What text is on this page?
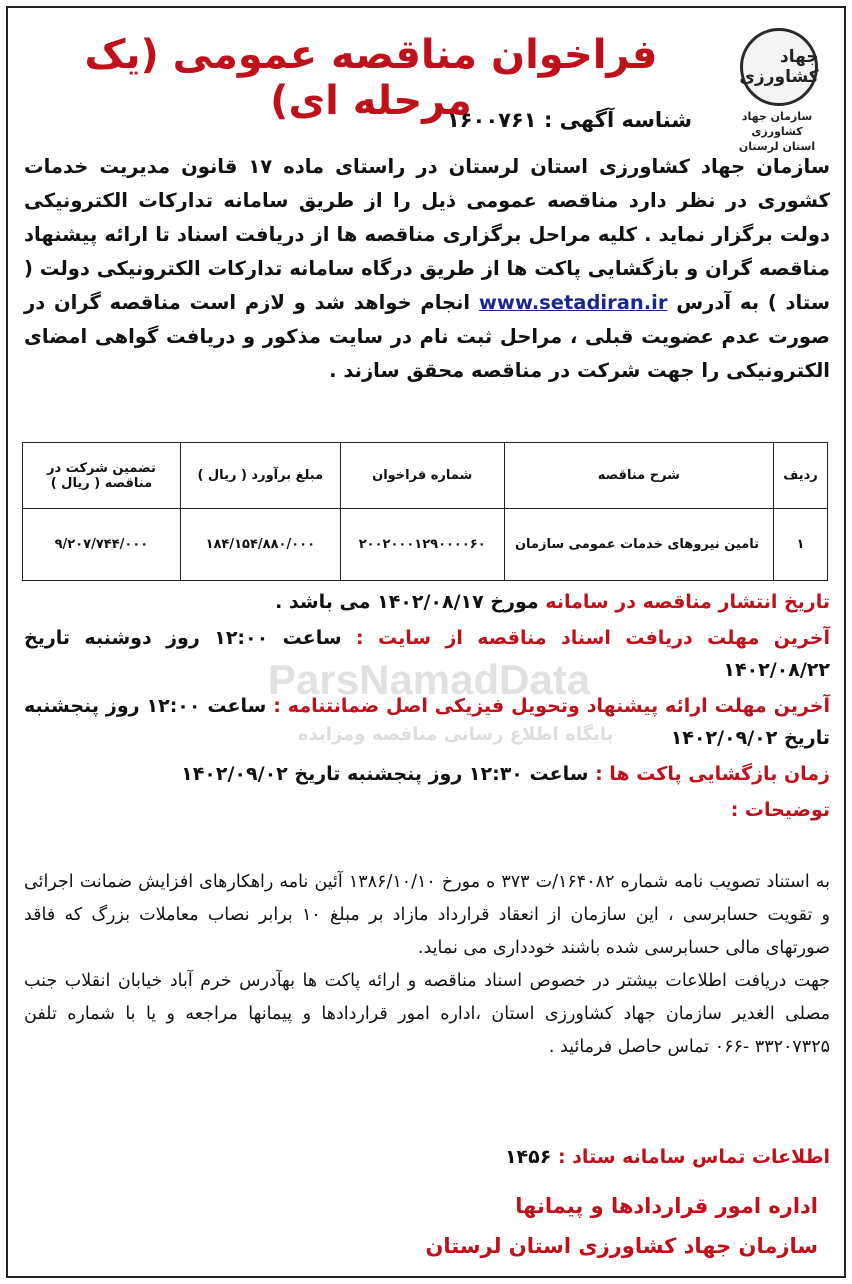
جهاد کشاورزی
سازمان جهاد کشاورزی
استان لرستان
فراخوان مناقصه عمومی (یک مرحله ای)
شناسه آگهی : ۱۶۰۰۷۶۱
سازمان جهاد کشاورزی استان لرستان در راستای ماده ۱۷ قانون مدیریت خدمات کشوری در نظر دارد مناقصه عمومی ذیل را از طریق سامانه تدارکات الکترونیکی دولت برگزار نماید . کلیه مراحل برگزاری مناقصه ها از دریافت اسناد تا ارائه پیشنهاد مناقصه گران و بازگشایی پاکت ها از طریق درگاه سامانه تدارکات الکترونیکی دولت ( ستاد ) به آدرس www.setadiran.ir انجام خواهد شد و لازم است مناقصه گران در صورت عدم عضویت قبلی ، مراحل ثبت نام در سایت مذکور و دریافت گواهی امضای الکترونیکی را جهت شرکت در مناقصه محقق سازند .
ParsNamadData
پایگاه اطلاع رسانی مناقصه ومزایده
ردیف	شرح مناقصه	شماره فراخوان	مبلغ برآورد ( ریال )	تضمین شرکت در مناقصه ( ریال )
۱	تامین نیروهای خدمات عمومی سازمان	۲۰۰۲۰۰۰۱۲۹۰۰۰۰۶۰	۱۸۴/۱۵۴/۸۸۰/۰۰۰	۹/۲۰۷/۷۴۴/۰۰۰

تاریخ انتشار مناقصه در سامانه مورخ ۱۴۰۲/۰۸/۱۷ می باشد .

آخرین مهلت دریافت اسناد مناقصه از سایت : ساعت ۱۲:۰۰ روز دوشنبه تاریخ ۱۴۰۲/۰۸/۲۲

آخرین مهلت ارائه پیشنهاد وتحویل فیزیکی اصل ضمانتنامه : ساعت ۱۲:۰۰ روز پنجشنبه تاریخ ۱۴۰۲/۰۹/۰۲

زمان بازگشایی پاکت ها : ساعت ۱۲:۳۰ روز پنجشنبه تاریخ ۱۴۰۲/۰۹/۰۲

توضیحات :

به استناد تصویب نامه شماره ۱۶۴۰۸۲/ت ۳۷۳ ه مورخ ۱۳۸۶/۱۰/۱۰ آئین نامه راهکارهای افزایش ضمانت اجرائی و تقویت حسابرسی ، این سازمان از انعقاد قرارداد مازاد بر مبلغ ۱۰ برابر نصاب معاملات بزرگ که فاقد صورتهای مالی حسابرسی شده باشند خودداری می نماید.

جهت دریافت اطلاعات بیشتر در خصوص اسناد مناقصه و ارائه پاکت ها بهآدرس خرم آباد خیابان انقلاب جنب مصلی الغدیر سازمان جهاد کشاورزی استان ،اداره امور قراردادها و پیمانها مراجعه و یا با شماره تلفن ۳۳۲۰۷۳۲۵ -۰۶۶ تماس حاصل فرمائید .

اطلاعات تماس سامانه ستاد : ۱۴۵۶
اداره امور قراردادها و پیمانها
سازمان جهاد کشاورزی استان لرستان
